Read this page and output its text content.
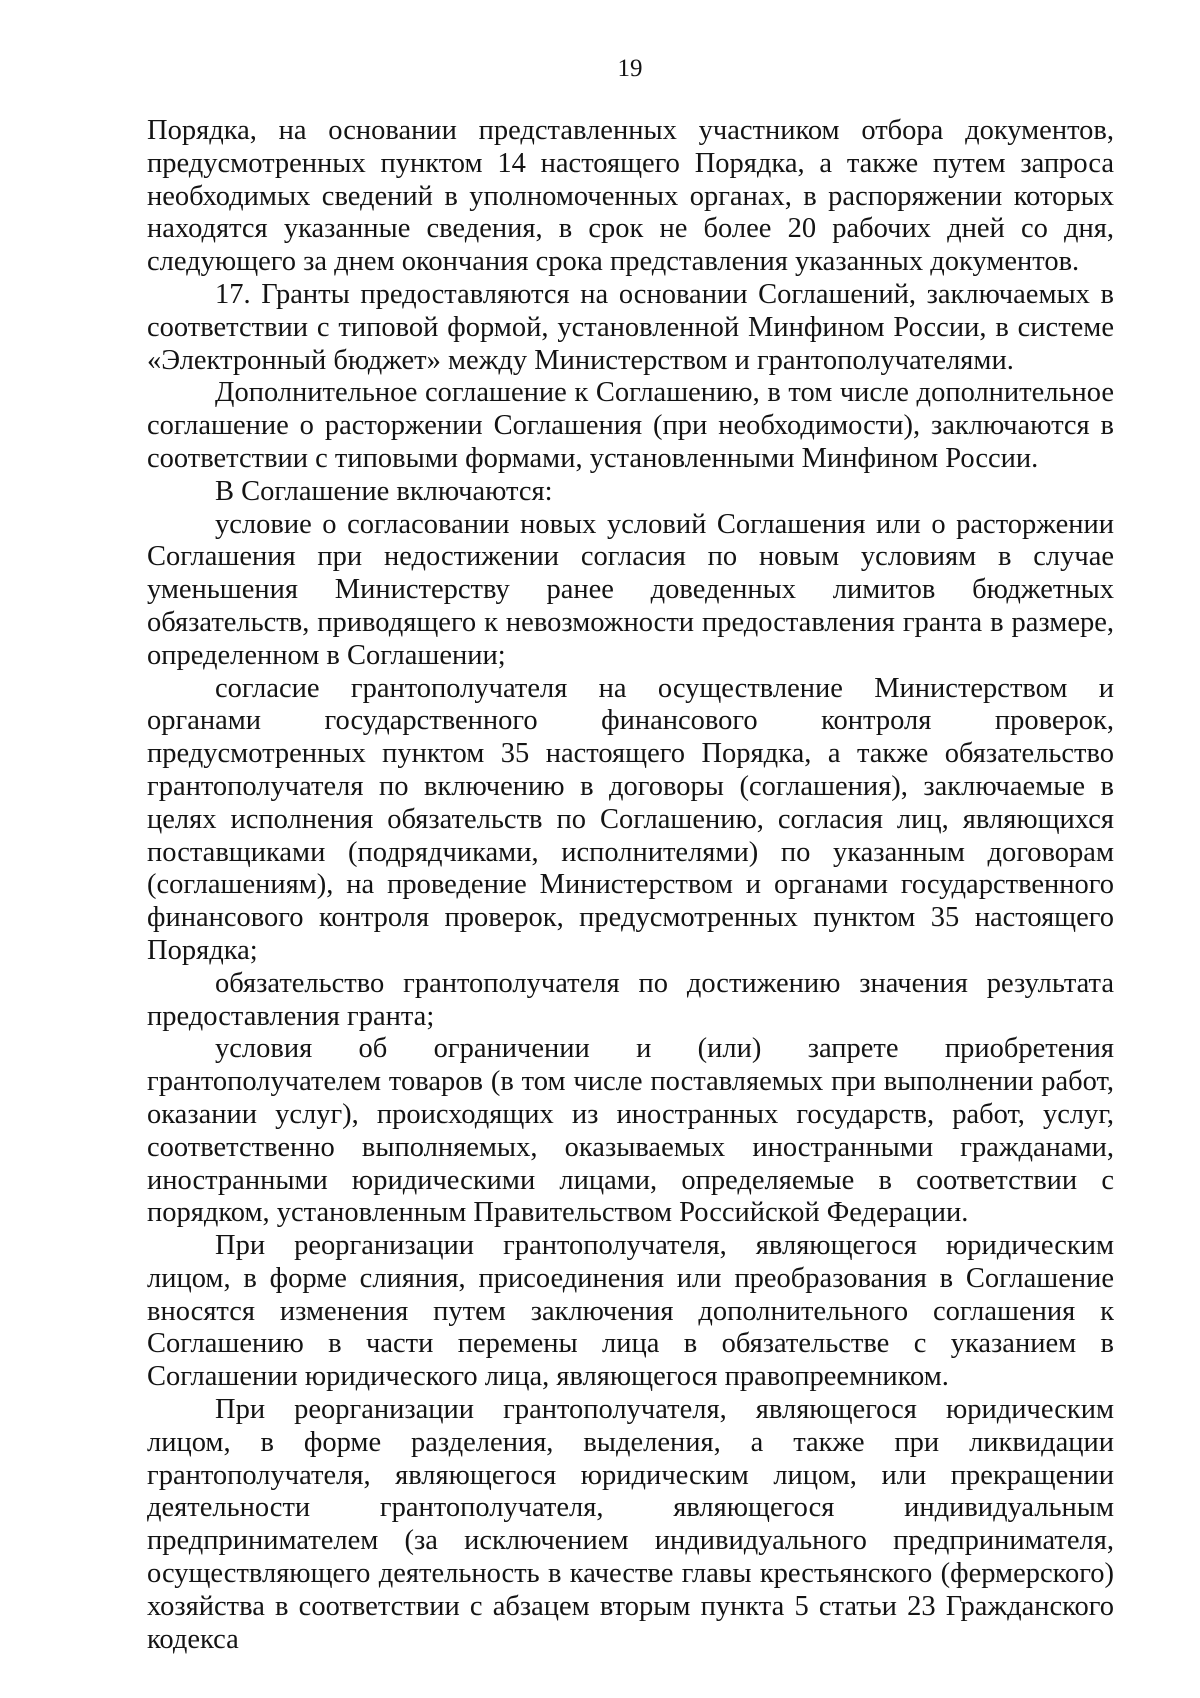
19

Порядка, на основании представленных участником отбора документов, предусмотренных пунктом 14 настоящего Порядка, а также путем запроса необходимых сведений в уполномоченных органах, в распоряжении которых находятся указанные сведения, в срок не более 20 рабочих дней со дня, следующего за днем окончания срока представления указанных документов.

17. Гранты предоставляются на основании Соглашений, заключаемых в соответствии с типовой формой, установленной Минфином России, в системе «Электронный бюджет» между Министерством и грантополучателями.

Дополнительное соглашение к Соглашению, в том числе дополнительное соглашение о расторжении Соглашения (при необходимости), заключаются в соответствии с типовыми формами, установленными Минфином России.

В Соглашение включаются:

условие о согласовании новых условий Соглашения или о расторжении Соглашения при недостижении согласия по новым условиям в случае уменьшения Министерству ранее доведенных лимитов бюджетных обязательств, приводящего к невозможности предоставления гранта в размере, определенном в Соглашении;

согласие грантополучателя на осуществление Министерством и органами государственного финансового контроля проверок, предусмотренных пунктом 35 настоящего Порядка, а также обязательство грантополучателя по включению в договоры (соглашения), заключаемые в целях исполнения обязательств по Соглашению, согласия лиц, являющихся поставщиками (подрядчиками, исполнителями) по указанным договорам (соглашениям), на проведение Министерством и органами государственного финансового контроля проверок, предусмотренных пунктом 35 настоящего Порядка;

обязательство грантополучателя по достижению значения результата предоставления гранта;

условия об ограничении и (или) запрете приобретения грантополучателем товаров (в том числе поставляемых при выполнении работ, оказании услуг), происходящих из иностранных государств, работ, услуг, соответственно выполняемых, оказываемых иностранными гражданами, иностранными юридическими лицами, определяемые в соответствии с порядком, установленным Правительством Российской Федерации.

При реорганизации грантополучателя, являющегося юридическим лицом, в форме слияния, присоединения или преобразования в Соглашение вносятся изменения путем заключения дополнительного соглашения к Соглашению в части перемены лица в обязательстве с указанием в Соглашении юридического лица, являющегося правопреемником.

При реорганизации грантополучателя, являющегося юридическим лицом, в форме разделения, выделения, а также при ликвидации грантополучателя, являющегося юридическим лицом, или прекращении деятельности грантополучателя, являющегося индивидуальным предпринимателем (за исключением индивидуального предпринимателя, осуществляющего деятельность в качестве главы крестьянского (фермерского) хозяйства в соответствии с абзацем вторым пункта 5 статьи 23 Гражданского кодекса
